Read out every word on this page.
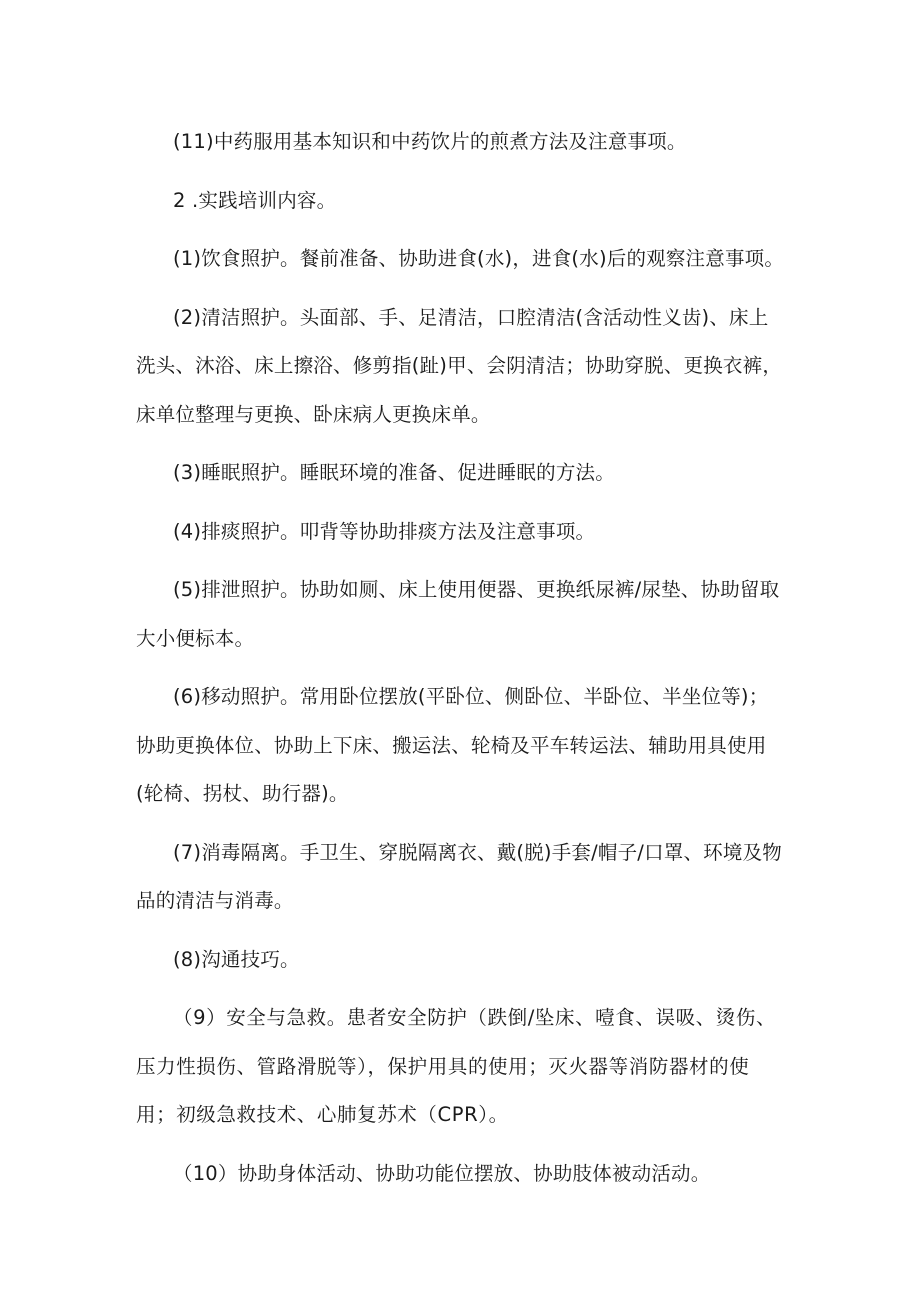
(11)中药服用基本知识和中药饮片的煎煮方法及注意事项。

2 .实践培训内容。

(1)饮食照护。餐前准备、协助进食(水)，进食(水)后的观察注意事项。

(2)清洁照护。头面部、手、足清洁，口腔清洁(含活动性义齿)、床上洗头、沐浴、床上擦浴、修剪指(趾)甲、会阴清洁；协助穿脱、更换衣裤，床单位整理与更换、卧床病人更换床单。

(3)睡眠照护。睡眠环境的准备、促进睡眠的方法。

(4)排痰照护。叩背等协助排痰方法及注意事项。

(5)排泄照护。协助如厕、床上使用便器、更换纸尿裤/尿垫、协助留取大小便标本。

(6)移动照护。常用卧位摆放(平卧位、侧卧位、半卧位、半坐位等)；协助更换体位、协助上下床、搬运法、轮椅及平车转运法、辅助用具使用(轮椅、拐杖、助行器)。

(7)消毒隔离。手卫生、穿脱隔离衣、戴(脱)手套/帽子/口罩、环境及物品的清洁与消毒。

(8)沟通技巧。

（9）安全与急救。患者安全防护（跌倒/坠床、噎食、误吸、烫伤、压力性损伤、管路滑脱等），保护用具的使用；灭火器等消防器材的使用；初级急救技术、心肺复苏术（CPR）。

（10）协助身体活动、协助功能位摆放、协助肢体被动活动。
